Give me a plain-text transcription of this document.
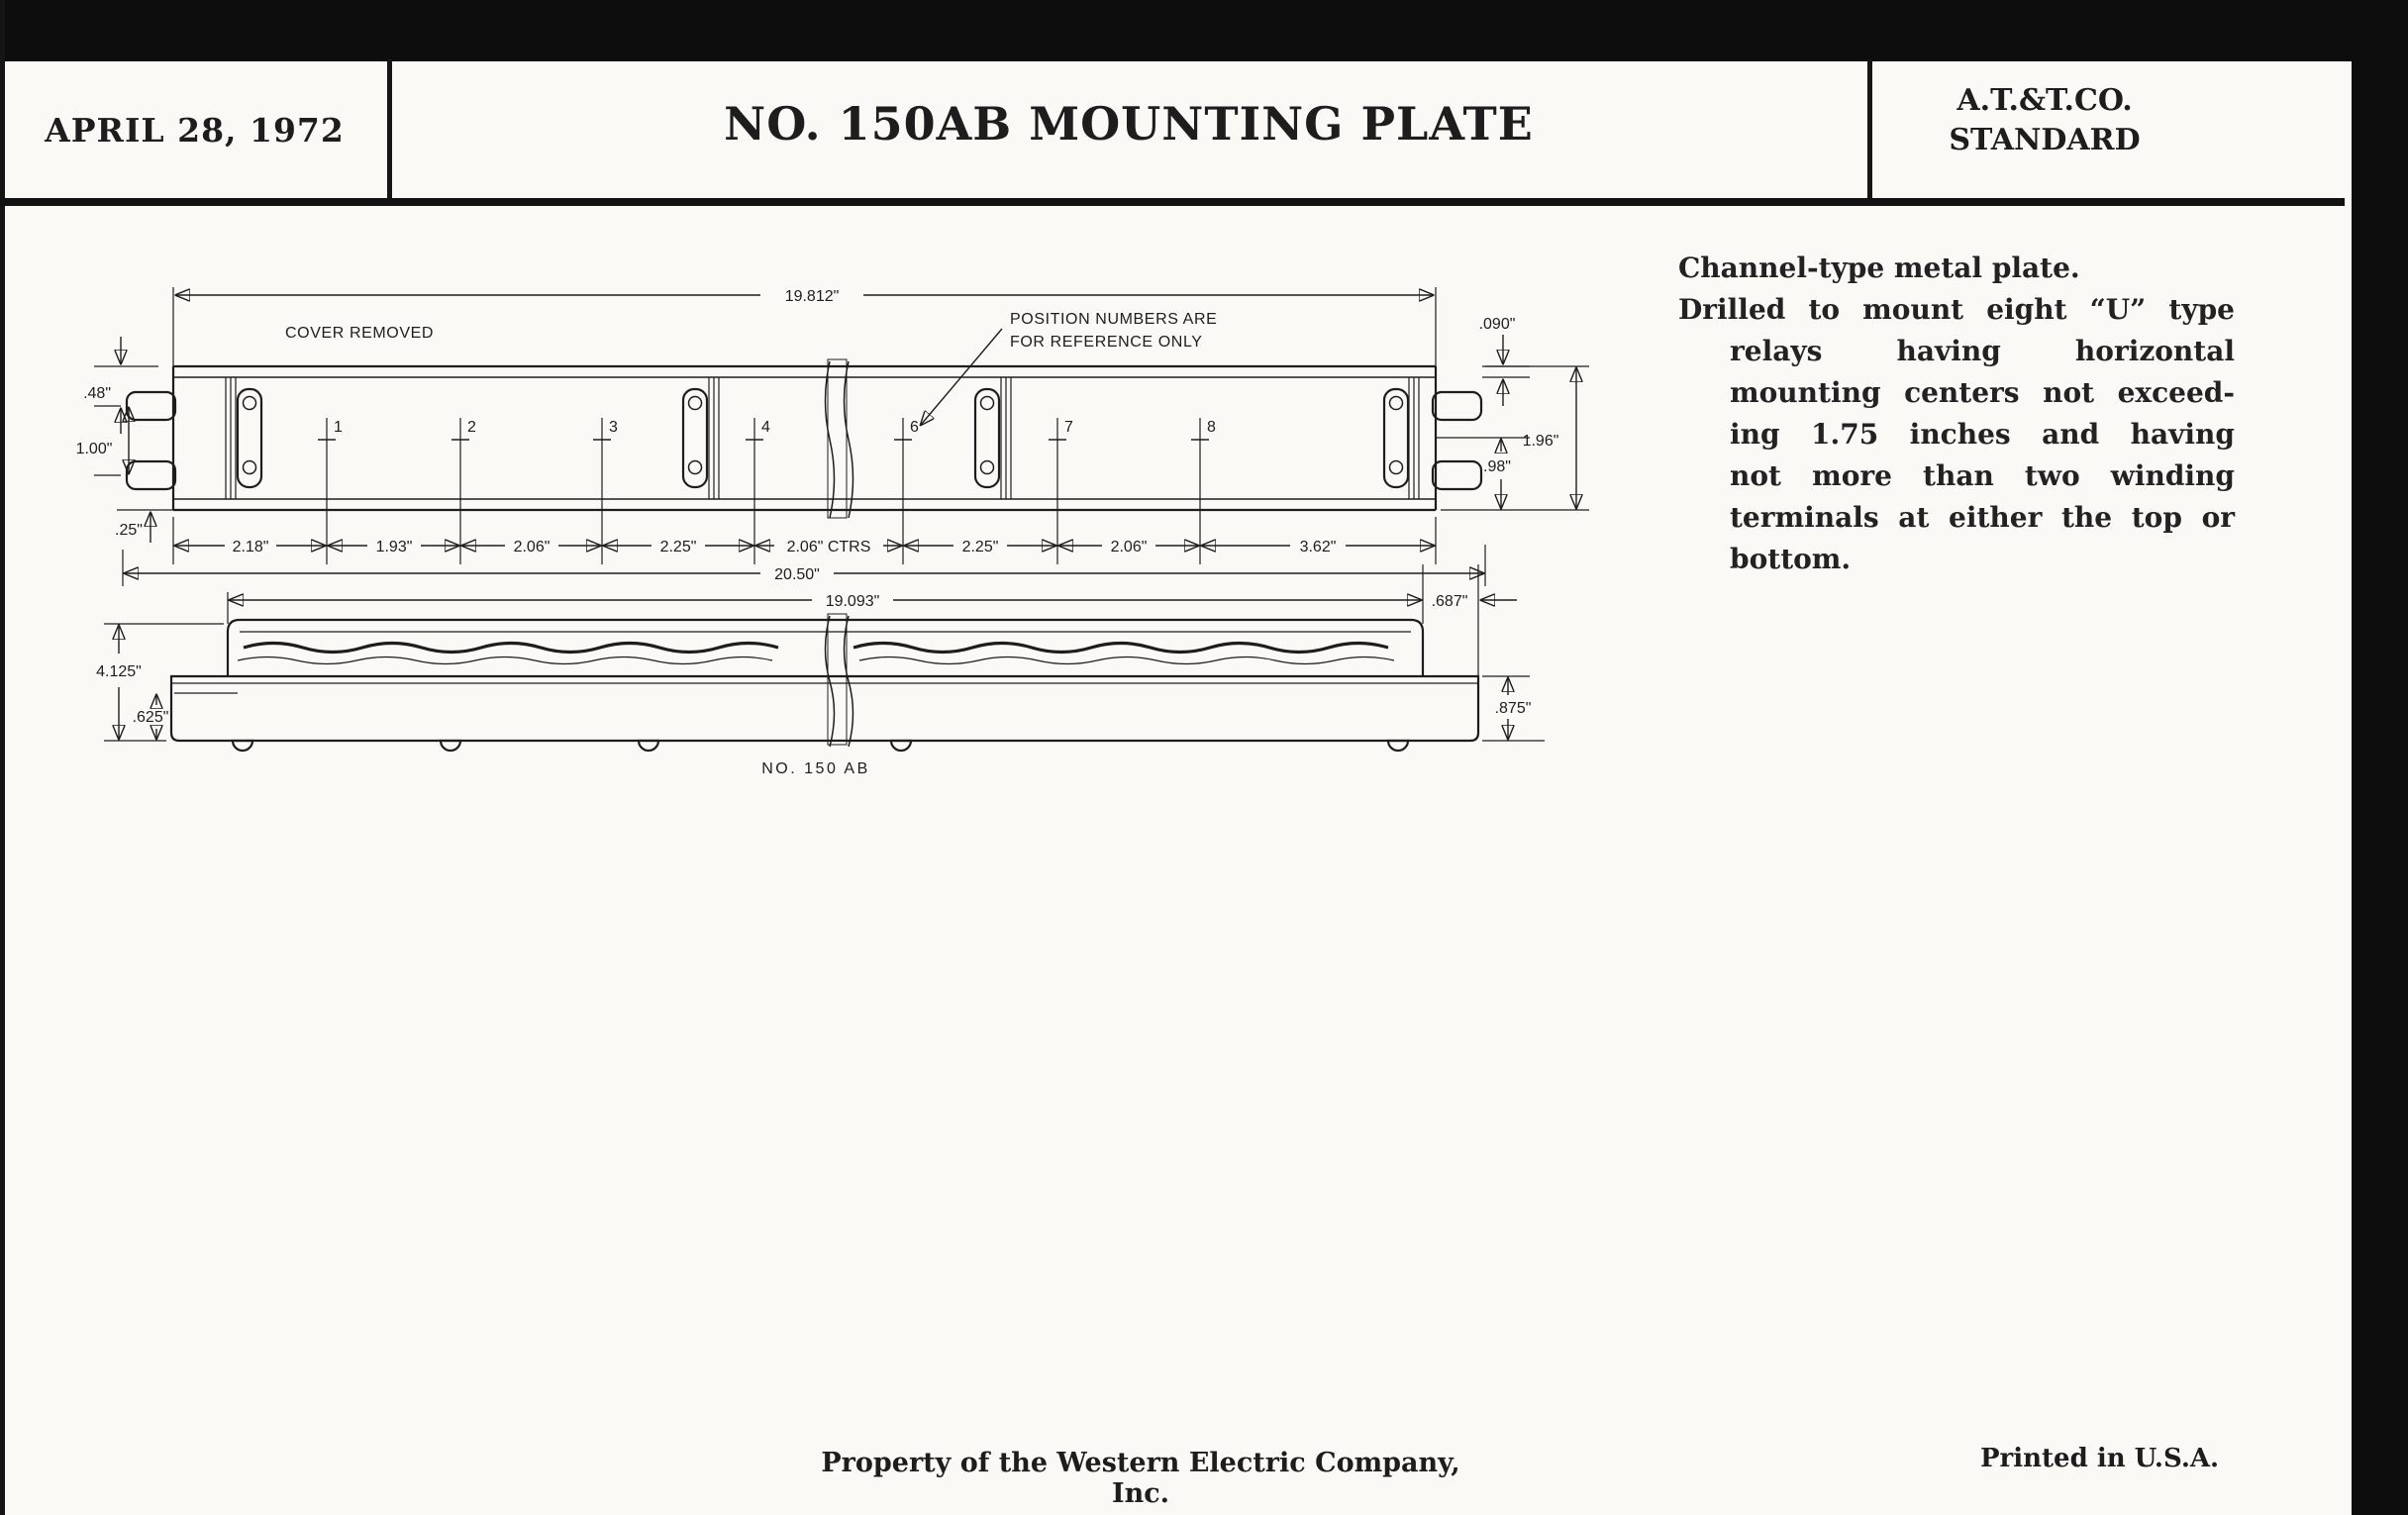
APRIL 28, 1972	NO. 150AB MOUNTING PLATE	A.T.&T.CO.
STANDARD
19.812"
COVER REMOVED
POSITION NUMBERS ARE
FOR REFERENCE ONLY
1	2	3	4	6	7	8
.48"
1.00"
.25"
.090"
1.96"
.98"
2.18"	1.93"	2.06"	2.25"	2.06" CTRS	2.25"	2.06"	3.62"
20.50"
19.093"	.687"
4.125"
.625"
.875"
NO. 150 AB
Channel-type metal plate.
Drilled to mount eight “U” type
relays having horizontal
mounting centers not exceed-
ing 1.75 inches and having
not more than two winding
terminals at either the top or
bottom.
Property of the Western Electric Company, Inc.
Printed in U.S.A.
